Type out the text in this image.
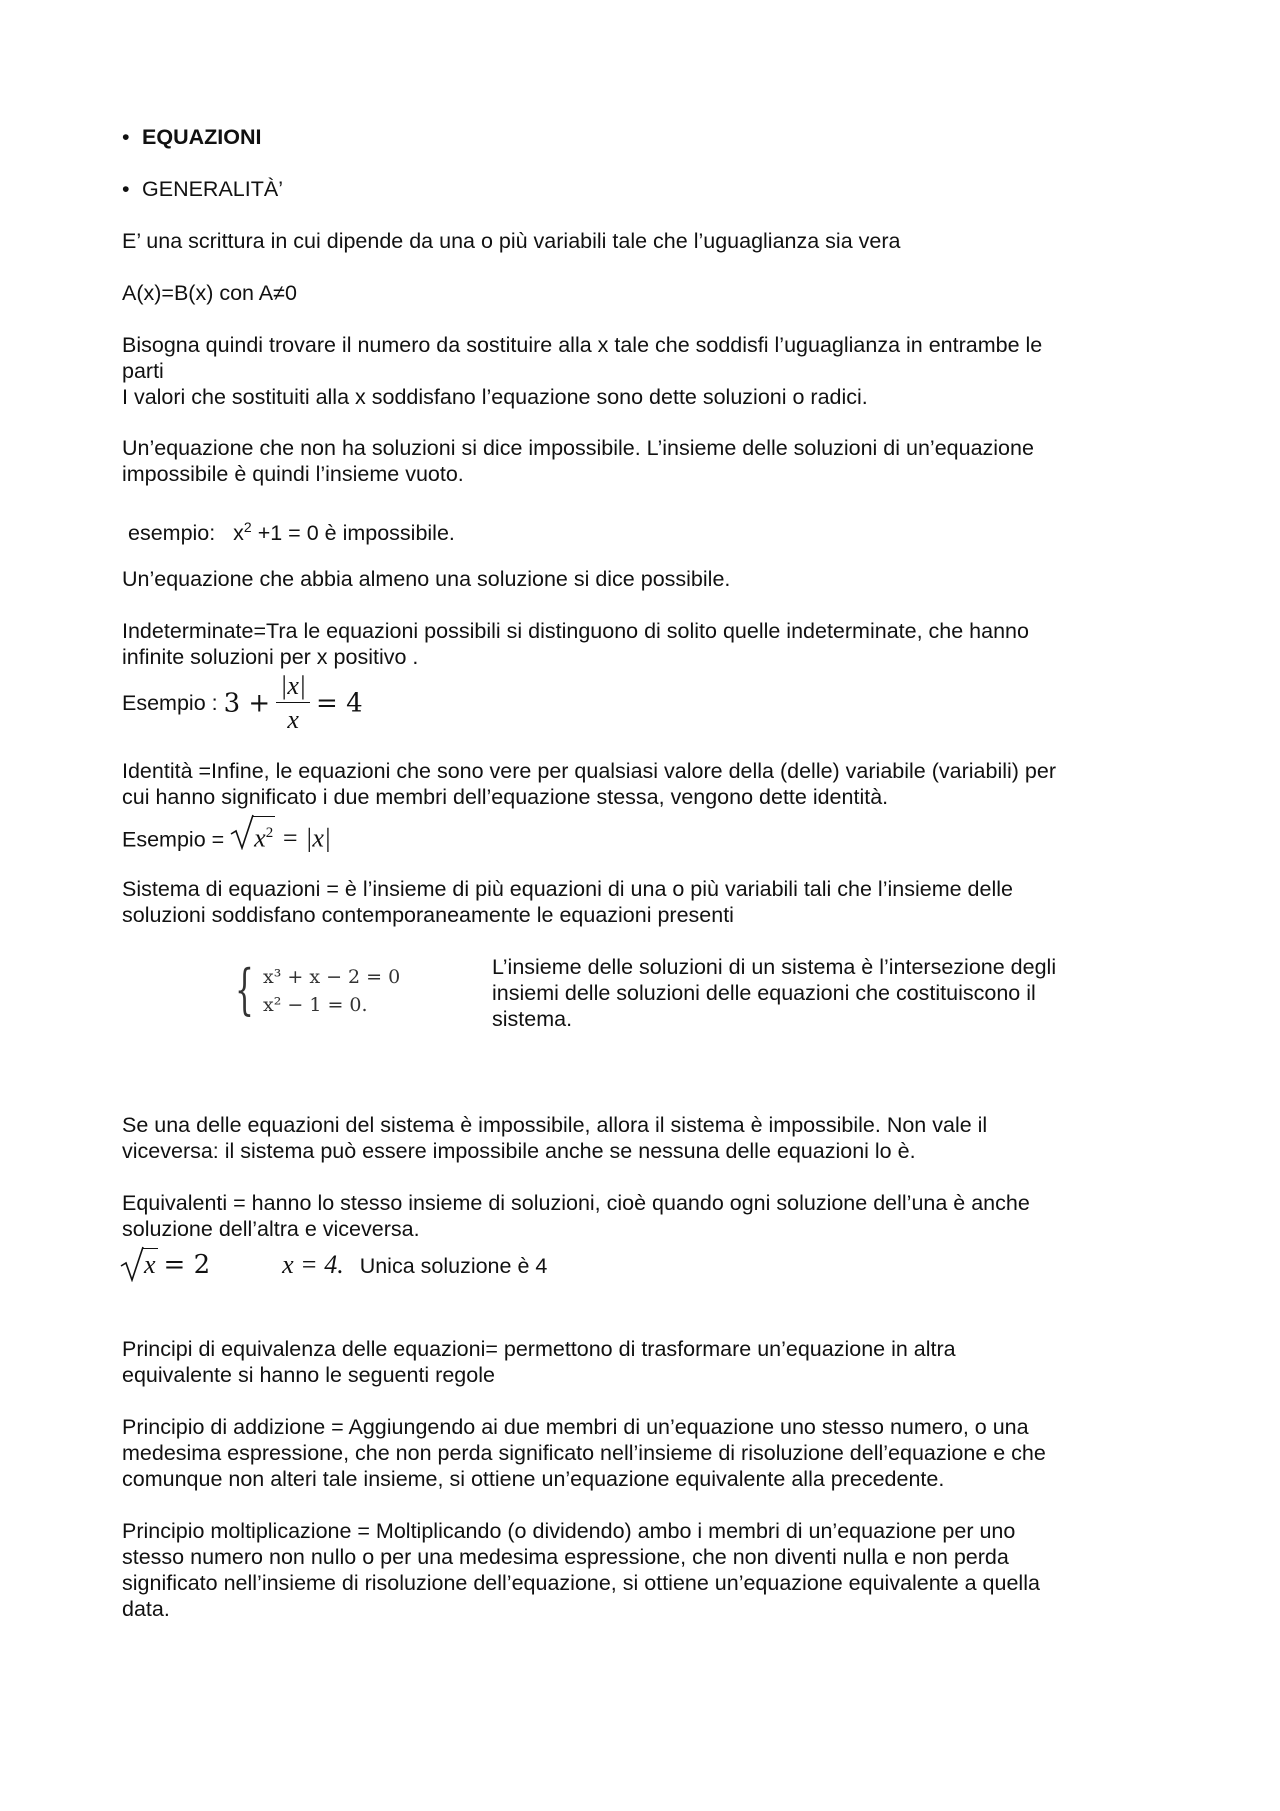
• EQUAZIONI
• GENERALITÀ’
E’ una scrittura in cui dipende da una o più variabili tale che l’uguaglianza sia vera
A(x)=B(x) con A≠0
Bisogna quindi trovare il numero da sostituire alla x tale che soddisfi l’uguaglianza in entrambe le
parti
I valori che sostituiti alla x soddisfano l’equazione sono dette soluzioni o radici.
Un’equazione che non ha soluzioni si dice impossibile. L’insieme delle soluzioni di un’equazione
impossibile è quindi l’insieme vuoto.
esempio: $x^2 +1 = 0$ è impossibile.
Un’equazione che abbia almeno una soluzione si dice possibile.
Indeterminate=Tra le equazioni possibili si distinguono di solito quelle indeterminate, che hanno
infinite soluzioni per x positivo .
Esempio : $3 + \frac{|x|}{x} = 4$
Identità =Infine, le equazioni che sono vere per qualsiasi valore della (delle) variabile (variabili) per
cui hanno significato i due membri dell’equazione stessa, vengono dette identità.
Esempio =
$x^2 = |x|$
Sistema di equazioni = è l’insieme di più equazioni di una o più variabili tali che l’insieme delle
soluzioni soddisfano contemporaneamente le equazioni presenti
{ x³ + x − 2 = 0
x² − 1 = 0.
L’insieme delle soluzioni di un sistema è l’intersezione degli
insiemi delle soluzioni delle equazioni che costituiscono il
sistema.
Se una delle equazioni del sistema è impossibile, allora il sistema è impossibile. Non vale il
viceversa: il sistema può essere impossibile anche se nessuna delle equazioni lo è.
Equivalenti = hanno lo stesso insieme di soluzioni, cioè quando ogni soluzione dell’una è anche
soluzione dell’altra e viceversa.
x = 2	x = 4. Unica soluzione è 4
Principi di equivalenza delle equazioni= permettono di trasformare un’equazione in altra
equivalente si hanno le seguenti regole
Principio di addizione = Aggiungendo ai due membri di un’equazione uno stesso numero, o una
medesima espressione, che non perda significato nell’insieme di risoluzione dell’equazione e che
comunque non alteri tale insieme, si ottiene un’equazione equivalente alla precedente.
Principio moltiplicazione = Moltiplicando (o dividendo) ambo i membri di un’equazione per uno
stesso numero non nullo o per una medesima espressione, che non diventi nulla e non perda
significato nell’insieme di risoluzione dell’equazione, si ottiene un’equazione equivalente a quella
data.
